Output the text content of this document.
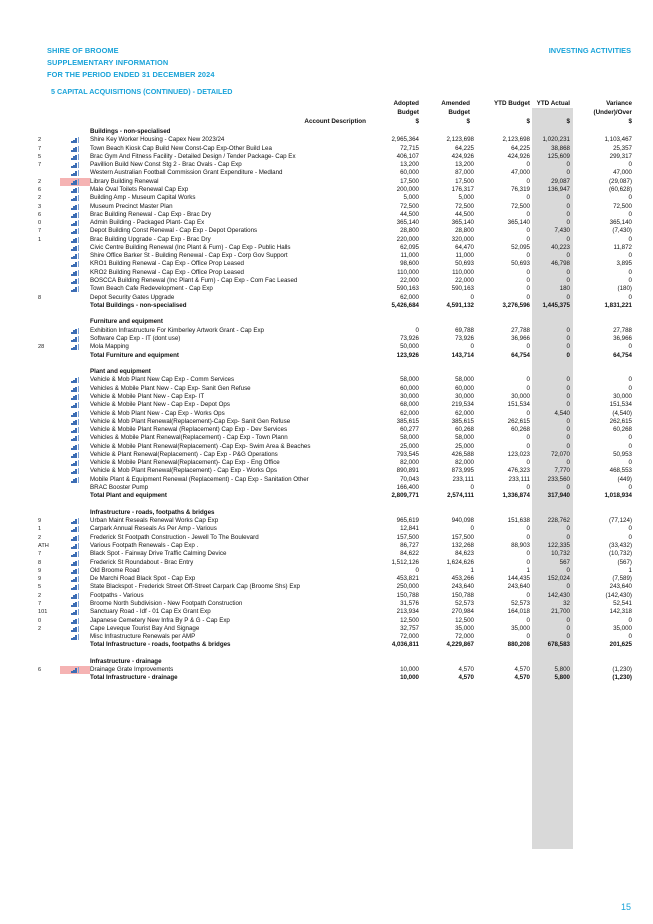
SHIRE OF BROOME
SUPPLEMENTARY INFORMATION
FOR THE PERIOD ENDED 31 DECEMBER 2024
INVESTING ACTIVITIES
5 CAPITAL ACQUISITIONS (CONTINUED) - DETAILED

Account Description
Adopted
Budget
Amended
Budget
YTD Budget	YTD Actual	Variance
(Under)/Over
$	$	$	$	$
Buildings - non-specialised
2	Shire Key Worker Housing - Capex New 2023/24	2,965,364	2,123,698	2,123,698	1,020,231	1,103,467
7	Town Beach Kiosk Cap Build New Const-Cap Exp-Other Build Lea	72,715	64,225	64,225	38,868	25,357
5	Brac Gym And Fitness Facility - Detailed Design / Tender Package- Cap Ex	406,107	424,926	424,926	125,609	299,317
7	Pavillion Build New Const Stg 2 - Brac Ovals - Cap Exp	13,200	13,200	0	0	0
Western Australian Football Commission Grant Expenditure - Medland	60,000	87,000	47,000	0	47,000
2	Library Building Renewal	17,500	17,500	0	29,087	(29,087)
6	Male Oval Toilets Renewal Cap Exp	200,000	176,317	76,319	136,947	(60,628)
2	Building Amp - Museum Capital Works	5,000	5,000	0	0	0
3	Museum Precinct Master Plan	72,500	72,500	72,500	0	72,500
6	Brac Building Renewal - Cap Exp - Brac Dry	44,500	44,500	0	0	0
0	Admin Building - Packaged Plant- Cap Ex	365,140	365,140	365,140	0	365,140
7	Depot Building Const Renewal - Cap Exp - Depot Operations	28,800	28,800	0	7,430	(7,430)
1	Brac Building Upgrade - Cap Exp - Brac Dry	220,000	320,000	0	0	0
Civic Centre Building Renewal (Inc Plant & Furn) - Cap Exp - Public Halls	62,095	64,470	52,095	40,223	11,872
Shire Office Barker St - Building Renewal - Cap Exp - Corp Gov Support	11,000	11,000	0	0	0
KRO1 Building Renewal - Cap Exp - Office Prop Leased	98,600	50,693	50,693	46,798	3,895
KRO2 Building Renewal - Cap Exp - Office Prop Leased	110,000	110,000	0	0	0
BOSCCA Building Renewal (Inc Plant & Furn) - Cap Exp - Com Fac Leased	22,000	22,000	0	0	0
Town Beach Cafe Redevelopment - Cap Exp	590,163	590,163	0	180	(180)
8	Depot Security Gates Upgrade	62,000	0	0	0	0
Total Buildings - non-specialised	5,426,684	4,591,132	3,276,596	1,445,375	1,831,221
Furniture and equipment
Exhibition Infrastructure For Kimberley Artwork Grant - Cap Exp	0	69,788	27,788	0	27,788
Software Cap Exp - IT (dont use)	73,926	73,926	36,966	0	36,966
28	Mola Mapping	50,000	0	0	0	0
Total Furniture and equipment	123,926	143,714	64,754	0	64,754
Plant and equipment
Vehicle & Mob Plant New Cap Exp - Comm Services	58,000	58,000	0	0	0
Vehicles & Mobile Plant New - Cap Exp- Sanit Gen Refuse	60,000	60,000	0	0	0
Vehicle & Mobile Plant New - Cap Exp- IT	30,000	30,000	30,000	0	30,000
Vehicle & Mobile Plant New - Cap Exp - Depot Ops	68,000	219,534	151,534	0	151,534
Vehicle & Mob Plant New - Cap Exp - Works Ops	62,000	62,000	0	4,540	(4,540)
Vehicle & Mob Plant Renewal(Replacement)-Cap Exp- Sanit Gen Refuse	385,615	385,615	262,615	0	262,615
Vehicle & Mobile Plant Renewal (Replacement) Cap Exp - Dev Services	60,277	60,268	60,268	0	60,268
Vehicles & Mobile Plant Renewal(Replacement) - Cap Exp - Town Plann	58,000	58,000	0	0	0
Vehicle & Mobile Plant Renewal(Replacement) -Cap Exp- Swim Area & Beaches	25,000	25,000	0	0	0
Vehicle & Plant Renewal(Replacement) - Cap Exp - P&G Operations	793,545	426,588	123,023	72,070	50,953
Vehicle & Mobile Plant Renewal(Replacement)- Cap Exp - Eng Office	82,000	82,000	0	0	0
Vehicle & Mob Plant Renewal(Replacement) - Cap Exp - Works Ops	890,891	873,995	476,323	7,770	468,553
Mobile Plant & Equipment Renewal (Replacement) - Cap Exp - Sanitation Other	70,043	233,111	233,111	233,560	(449)
BRAC Booster Pump	166,400	0	0	0	0
Total Plant and equipment	2,809,771	2,574,111	1,336,874	317,940	1,018,934
Infrastructure - roads, footpaths & bridges
9	Urban Maint Reseals Renewal Works Cap Exp	965,619	940,098	151,638	228,762	(77,124)
1	Carpark Annual Reseals As Per Amp - Various	12,841	0	0	0	0
2	Frederick St Footpath Construction - Jewell To The Boulevard	157,500	157,500	0	0	0
ATH	Various Footpath Renewals - Cap Exp .	86,727	132,268	88,903	122,335	(33,432)
7	Black Spot - Fairway Drive Traffic Calming Device	84,622	84,623	0	10,732	(10,732)
8	Frederick St Roundabout - Brac Entry	1,512,126	1,624,626	0	567	(567)
9	Old Broome Road	0	1	1	0	1
9	De Marchi Road Black Spot - Cap Exp	453,821	453,266	144,435	152,024	(7,589)
5	State Blackspot - Frederick Street Off-Street Carpark Cap (Broome Shs) Exp	250,000	243,640	243,640	0	243,640
2	Footpaths - Various	150,788	150,788	0	142,430	(142,430)
7	Broome North Subdivision - New Footpath Construction	31,576	52,573	52,573	32	52,541
101	Sanctuary Road - Idf - 01 Cap Ex Grant Exp	213,934	270,984	164,018	21,700	142,318
0	Japanese Cemetery New Infra By P & G - Cap Exp	12,500	12,500	0	0	0
2	Cape Leveque Tourist Bay And Signage	32,757	35,000	35,000	0	35,000
Misc Infrastructure Renewals per AMP	72,000	72,000	0	0	0
Total Infrastructure - roads, footpaths & bridges	4,036,811	4,229,867	880,208	678,583	201,625
Infrastructure - drainage
6	Drainage Grate Improvements	10,000	4,570	4,570	5,800	(1,230)
Total Infrastructure - drainage	10,000	4,570	4,570	5,800	(1,230)
15
